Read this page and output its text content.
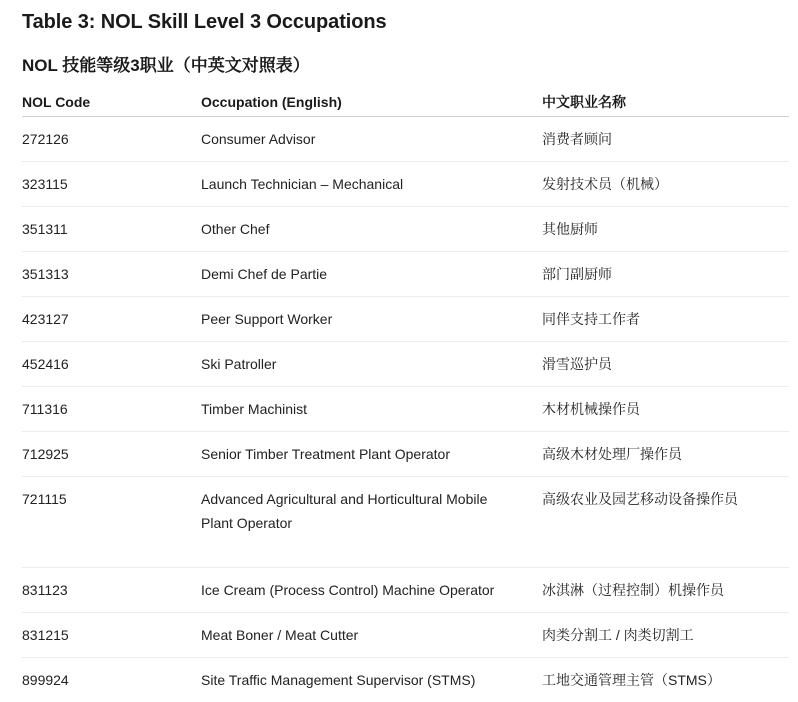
Table 3: NOL Skill Level 3 Occupations
NOL 技能等级3职业（中英文对照表）
NOL Code	Occupation (English)	中文职业名称
272126	Consumer Advisor	消费者顾问
323115	Launch Technician – Mechanical	发射技术员（机械）
351311	Other Chef	其他厨师
351313	Demi Chef de Partie	部门副厨师
423127	Peer Support Worker	同伴支持工作者
452416	Ski Patroller	滑雪巡护员
711316	Timber Machinist	木材机械操作员
712925	Senior Timber Treatment Plant Operator	高级木材处理厂操作员
721115	Advanced Agricultural and Horticultural Mobile Plant Operator	高级农业及园艺移动设备操作员
831123	Ice Cream (Process Control) Machine Operator	冰淇淋（过程控制）机操作员
831215	Meat Boner / Meat Cutter	肉类分割工 / 肉类切割工
899924	Site Traffic Management Supervisor (STMS)	工地交通管理主管（STMS）
